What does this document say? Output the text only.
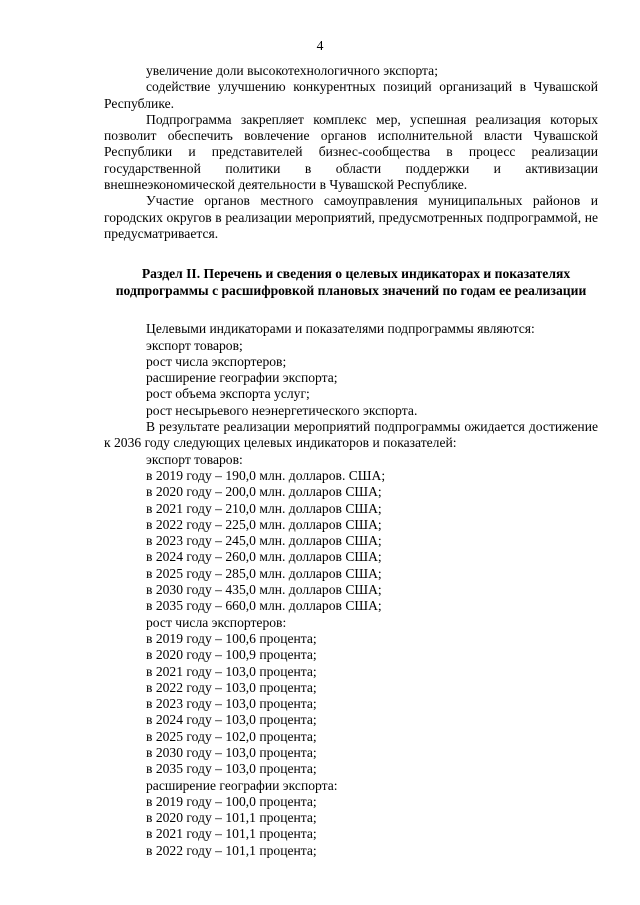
4

увеличение доли высокотехнологичного экспорта;

содействие улучшению конкурентных позиций организаций в Чувашской Республике.

Подпрограмма закрепляет комплекс мер, успешная реализация которых позволит обеспечить вовлечение органов исполнительной власти Чувашской Республики и представителей бизнес-сообщества в процесс реализации государственной политики в области поддержки и активизации внешнеэкономической деятельности в Чувашской Республике.

Участие органов местного самоуправления муниципальных районов и городских округов в реализации мероприятий, предусмотренных подпрограммой, не предусматривается.

Раздел II. Перечень и сведения о целевых индикаторах и показателях
подпрограммы с расшифровкой плановых значений по годам ее реализации

Целевыми индикаторами и показателями подпрограммы являются:

экспорт товаров;

рост числа экспортеров;

расширение географии экспорта;

рост объема экспорта услуг;

рост несырьевого неэнергетического экспорта.

В результате реализации мероприятий подпрограммы ожидается достижение к 2036 году следующих целевых индикаторов и показателей:

экспорт товаров:

в 2019 году – 190,0 млн. долларов. США;

в 2020 году – 200,0 млн. долларов США;

в 2021 году – 210,0 млн. долларов США;

в 2022 году – 225,0 млн. долларов США;

в 2023 году – 245,0 млн. долларов США;

в 2024 году – 260,0 млн. долларов США;

в 2025 году – 285,0 млн. долларов США;

в 2030 году – 435,0 млн. долларов США;

в 2035 году – 660,0 млн. долларов США;

рост числа экспортеров:

в 2019 году – 100,6 процента;

в 2020 году – 100,9 процента;

в 2021 году – 103,0 процента;

в 2022 году – 103,0 процента;

в 2023 году – 103,0 процента;

в 2024 году – 103,0 процента;

в 2025 году – 102,0 процента;

в 2030 году – 103,0 процента;

в 2035 году – 103,0 процента;

расширение географии экспорта:

в 2019 году – 100,0 процента;

в 2020 году – 101,1 процента;

в 2021 году – 101,1 процента;

в 2022 году – 101,1 процента;
